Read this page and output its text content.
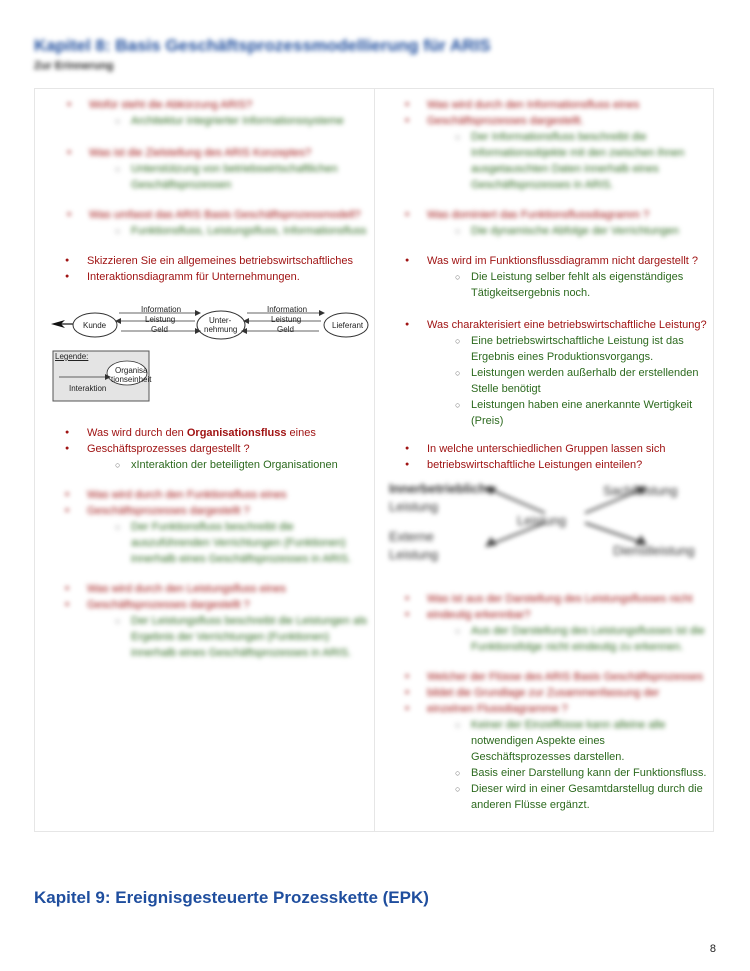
Kapitel 8: Basis Geschäftsprozessmodellierung für ARIS
Zur Erinnerung
● Wofür steht die Abkürzung ARIS?
○ Architektur integrierter Informationssysteme
● Was ist die Zielstellung des ARIS Konzeptes?
○ Unterstützung von betriebswirtschaftlichen
Geschäftsprozessen
● Was umfasst das ARIS Basis Geschäftsprozessmodell?
○ Funktionsfluss, Leistungsfluss, Informationsfluss
● Skizzieren Sie ein allgemeines betriebswirtschaftliches
● Interaktionsdiagramm für Unternehmungen.
Kunde
Unter-
nehmung	Lieferant
Information
Leistung
Geld
Information
Leistung
Geld
Legende:
Organisa
tionseinheit
Interaktion
● Was wird durch den Organisationsfluss eines
● Geschäftsprozesses dargestellt ?
○ xInteraktion der beteiligten Organisationen
● Was wird durch den Funktionsfluss eines
● Geschäftsprozesses dargestellt ?
○ Der Funktionsfluss beschreibt die
auszuführenden Verrichtungen (Funktionen)
innerhalb eines Geschäftsprozesses in ARIS.
● Was wird durch den Leistungsfluss eines
● Geschäftsprozesses dargestellt ?
○ Der Leistungsfluss beschreibt die Leistungen als
Ergebnis der Verrichtungen (Funktionen)
innerhalb eines Geschäftsprozesses in ARIS.
● Was wird durch den Informationsfluss eines
● Geschäftsprozesses dargestellt.
○ Der Informationsfluss beschreibt die
Informationsobjekte mit den zwischen ihnen
ausgetauschten Daten innerhalb eines
Geschäftsprozesses in ARIS.
● Was dominiert das Funktionsflussdiagramm ?
○ Die dynamische Abfolge der Verrichtungen
● Was wird im Funktionsflussdiagramm nicht dargestellt ?
○ Die Leistung selber fehlt als eigenständiges
Tätigkeitsergebnis noch.
● Was charakterisiert eine betriebswirtschaftliche Leistung?
○ Eine betriebswirtschaftliche Leistung ist das
Ergebnis eines Produktionsvorgangs.
○ Leistungen werden außerhalb der erstellenden
Stelle benötigt
○ Leistungen haben eine anerkannte Wertigkeit
(Preis)
● In welche unterschiedlichen Gruppen lassen sich
● betriebswirtschaftliche Leistungen einteilen?
Innerbetriebliche
Leistung
Externe
Leistung
Leistung
Sachleistung
Dienstleistung
● Was ist aus der Darstellung des Leistungsflusses nicht
● eindeutig erkennbar?
○ Aus der Darstellung des Leistungsflusses ist die
Funktionsfolge nicht eindeutig zu erkennen.
● Welcher der Flüsse des ARIS Basis Geschäftsprozesses
● bildet die Grundlage zur Zusammenfassung der
● einzelnen Flussdiagramme ?
○ Keiner der Einzelflüsse kann alleine alle
notwendigen Aspekte eines
Geschäftsprozesses darstellen.
○ Basis einer Darstellung kann der Funktionsfluss.
○ Dieser wird in einer Gesamtdarstellug durch die
anderen Flüsse ergänzt.
Kapitel 9: Ereignisgesteuerte Prozesskette (EPK)
8
